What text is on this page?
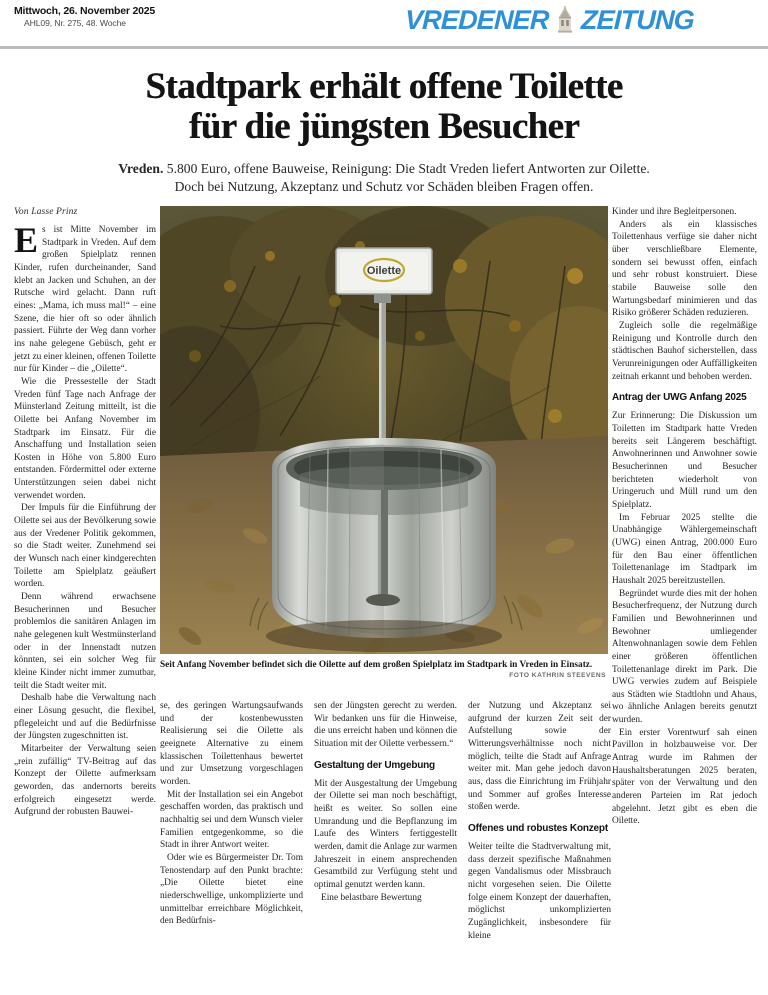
Mittwoch, 26. November 2025
AHL09, Nr. 275, 48. Woche	VREDENER ZEITUNG
Stadtpark erhält offene Toilette
für die jüngsten Besucher
Vreden. 5.800 Euro, offene Bauweise, Reinigung: Die Stadt Vreden liefert Antworten zur Oilette.
Doch bei Nutzung, Akzeptanz und Schutz vor Schäden bleiben Fragen offen.
Von Lasse Prinz

Es ist Mitte November im Stadtpark in Vreden. Auf dem großen Spielplatz rennen Kinder, rufen durcheinander, Sand klebt an Jacken und Schuhen, an der Rutsche wird gelacht. Dann ruft eines: „Mama, ich muss mal!“ – eine Szene, die hier oft so oder ähnlich passiert. Führte der Weg dann vorher ins nahe gelegene Gebüsch, geht er jetzt zu einer kleinen, offenen Toilette nur für Kinder – die „Oilette“.

Wie die Pressestelle der Stadt Vreden fünf Tage nach Anfrage der Münsterland Zeitung mitteilt, ist die Oilette bei Anfang November im Stadtpark im Einsatz. Für die Anschaffung und Installation seien Kosten in Höhe von 5.800 Euro entstanden. Fördermittel oder externe Unterstützungen seien dabei nicht verwendet worden.

Der Impuls für die Einführung der Oilette sei aus der Bevölkerung sowie aus der Vredener Politik gekommen, so die Stadt weiter. Zunehmend sei der Wunsch nach einer kindgerechten Toilette am Spielplatz geäußert worden.

Denn während erwachsene Besucherinnen und Besucher problemlos die sanitären Anlagen im nahe gelegenen kult Westmünsterland oder in der Innenstadt nutzen könnten, sei ein solcher Weg für kleine Kinder nicht immer zumutbar, teilt die Stadt weiter mit.

Deshalb habe die Verwaltung nach einer Lösung gesucht, die flexibel, pflegeleicht und auf die Bedürfnisse der Jüngsten zugeschnitten ist.

Mitarbeiter der Verwaltung seien „rein zufällig“ TV-Beitrag auf das Konzept der Oilette aufmerksam geworden, das andernorts bereits erfolgreich eingesetzt werde. Aufgrund der robusten Bauwei-

Oilette
Seit Anfang November befindet sich die Oilette auf dem großen Spielplatz im Stadtpark in Vreden in Einsatz.
FOTO KATHRIN STEEVENS

se, des geringen Wartungsaufwands und der kostenbewussten Realisierung sei die Oilette als geeignete Alternative zu einem klassischen Toilettenhaus bewertet und zur Umsetzung vorgeschlagen worden.

Mit der Installation sei ein Angebot geschaffen worden, das praktisch und nachhaltig sei und dem Wunsch vieler Familien entgegenkomme, so die Stadt in ihrer Antwort weiter.

Oder wie es Bürgermeister Dr. Tom Tenostendarp auf den Punkt brachte: „Die Oilette bietet eine niederschwellige, unkomplizierte und unmittelbar erreichbare Möglichkeit, den Bedürfnis-

sen der Jüngsten gerecht zu werden. Wir bedanken uns für die Hinweise, die uns erreicht haben und können die Situation mit der Oilette verbessern.“

Gestaltung der Umgebung

Mit der Ausgestaltung der Umgebung der Oilette sei man noch beschäftigt, heißt es weiter. So sollen eine Umrandung und die Bepflanzung im Laufe des Winters fertiggestellt werden, damit die Anlage zur warmen Jahreszeit in einem ansprechenden Gesamtbild zur Verfügung steht und optimal genutzt werden kann.

Eine belastbare Bewertung

der Nutzung und Akzeptanz sei aufgrund der kurzen Zeit seit der Aufstellung sowie der Witterungsverhältnisse noch nicht möglich, teilte die Stadt auf Anfrage weiter mit. Man gehe jedoch davon aus, dass die Einrichtung im Frühjahr und Sommer auf großes Interesse stoßen werde.

Offenes und robustes Konzept

Weiter teilte die Stadtverwaltung mit, dass derzeit spezifische Maßnahmen gegen Vandalismus oder Missbrauch nicht vorgesehen seien. Die Oilette folge einem Konzept der dauerhaften, möglichst unkomplizierten Zugänglichkeit, insbesondere für kleine

Kinder und ihre Begleitpersonen.

Anders als ein klassisches Toilettenhaus verfüge sie daher nicht über verschließbare Elemente, sondern sei bewusst offen, einfach und sehr robust konstruiert. Diese stabile Bauweise solle den Wartungsbedarf minimieren und das Risiko größerer Schäden reduzieren.

Zugleich solle die regelmäßige Reinigung und Kontrolle durch den städtischen Bauhof sicherstellen, dass Verunreinigungen oder Auffälligkeiten zeitnah erkannt und behoben werden.

Antrag der UWG Anfang 2025

Zur Erinnerung: Die Diskussion um Toiletten im Stadtpark hatte Vreden bereits seit Längerem beschäftigt. Anwohnerinnen und Anwohner sowie Besucherinnen und Besucher berichteten wiederholt von Uringeruch und Müll rund um den Spielplatz.

Im Februar 2025 stellte die Unabhängige Wählergemeinschaft (UWG) einen Antrag, 200.000 Euro für den Bau einer öffentlichen Toilettenanlage im Stadtpark im Haushalt 2025 bereitzustellen.

Begründet wurde dies mit der hohen Besucherfrequenz, der Nutzung durch Familien und Bewohnerinnen und Bewohner umliegender Altenwohnanlagen sowie dem Fehlen einer größeren öffentlichen Toilettenanlage direkt im Park. Die UWG verwies zudem auf Beispiele aus Städten wie Stadtlohn und Ahaus, wo ähnliche Anlagen bereits genutzt wurden.

Ein erster Vorentwurf sah einen Pavillon in holzbauweise vor. Der Antrag wurde im Rahmen der Haushaltsberatungen 2025 beraten, später von der Verwaltung und den anderen Parteien im Rat jedoch abgelehnt. Jetzt gibt es eben die Oilette.
